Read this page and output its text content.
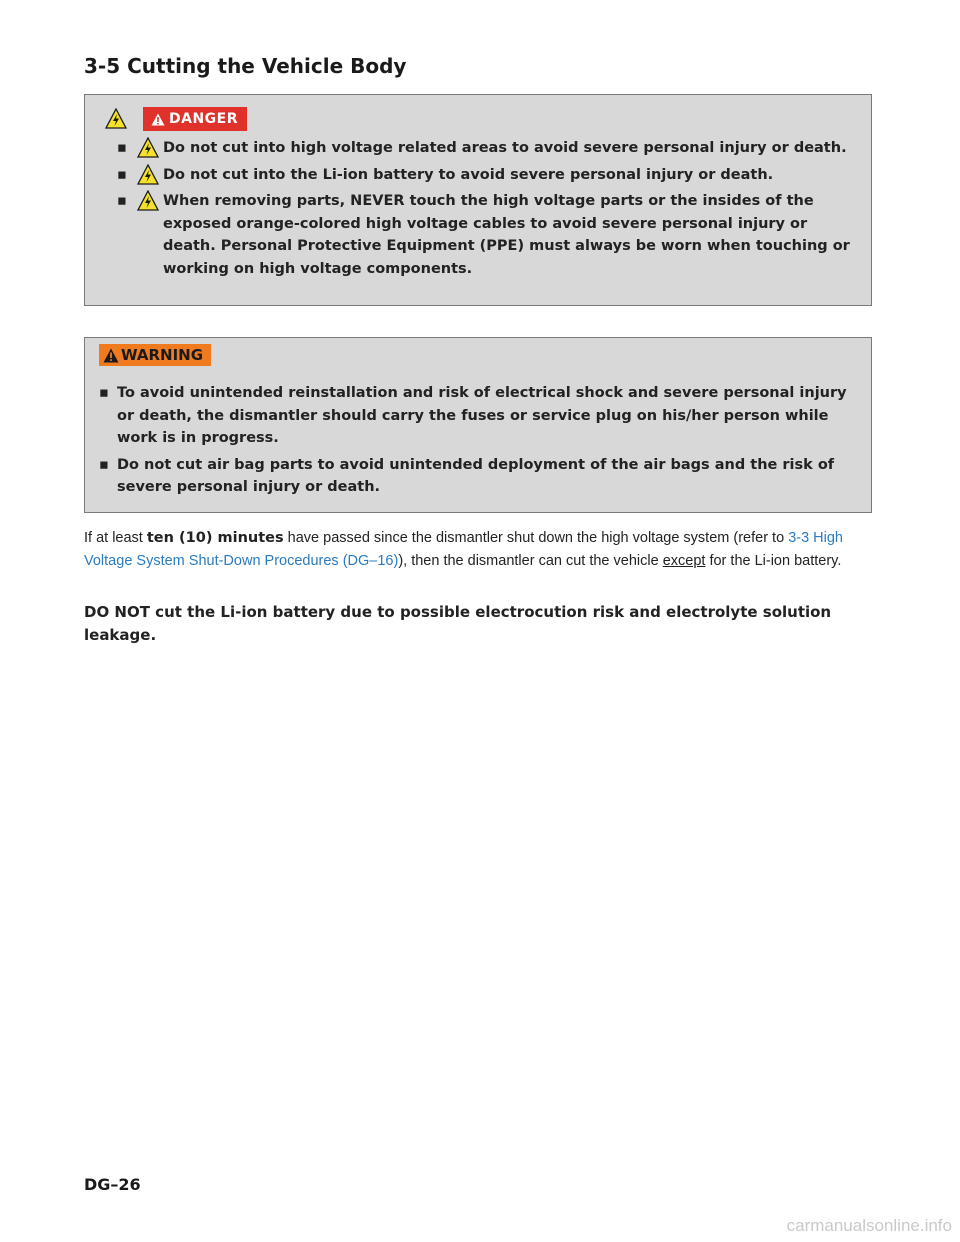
3-5 Cutting the Vehicle Body
DANGER
▪ Do not cut into high voltage related areas to avoid severe personal injury or death.
▪ Do not cut into the Li-ion battery to avoid severe personal injury or death.
▪ When removing parts, NEVER touch the high voltage parts or the insides of the exposed orange-colored high voltage cables to avoid severe personal injury or death. Personal Protective Equipment (PPE) must always be worn when touching or working on high voltage components.
WARNING
▪ To avoid unintended reinstallation and risk of electrical shock and severe personal injury or death, the dismantler should carry the fuses or service plug on his/her person while work is in progress.
▪ Do not cut air bag parts to avoid unintended deployment of the air bags and the risk of severe personal injury or death.

If at least ten (10) minutes have passed since the dismantler shut down the high voltage system (refer to 3-3 High Voltage System Shut-Down Procedures (DG–16)), then the dismantler can cut the vehicle except for the Li-ion battery.

DO NOT cut the Li-ion battery due to possible electrocution risk and electrolyte solution leakage.

DG–26
carmanualsonline.info
